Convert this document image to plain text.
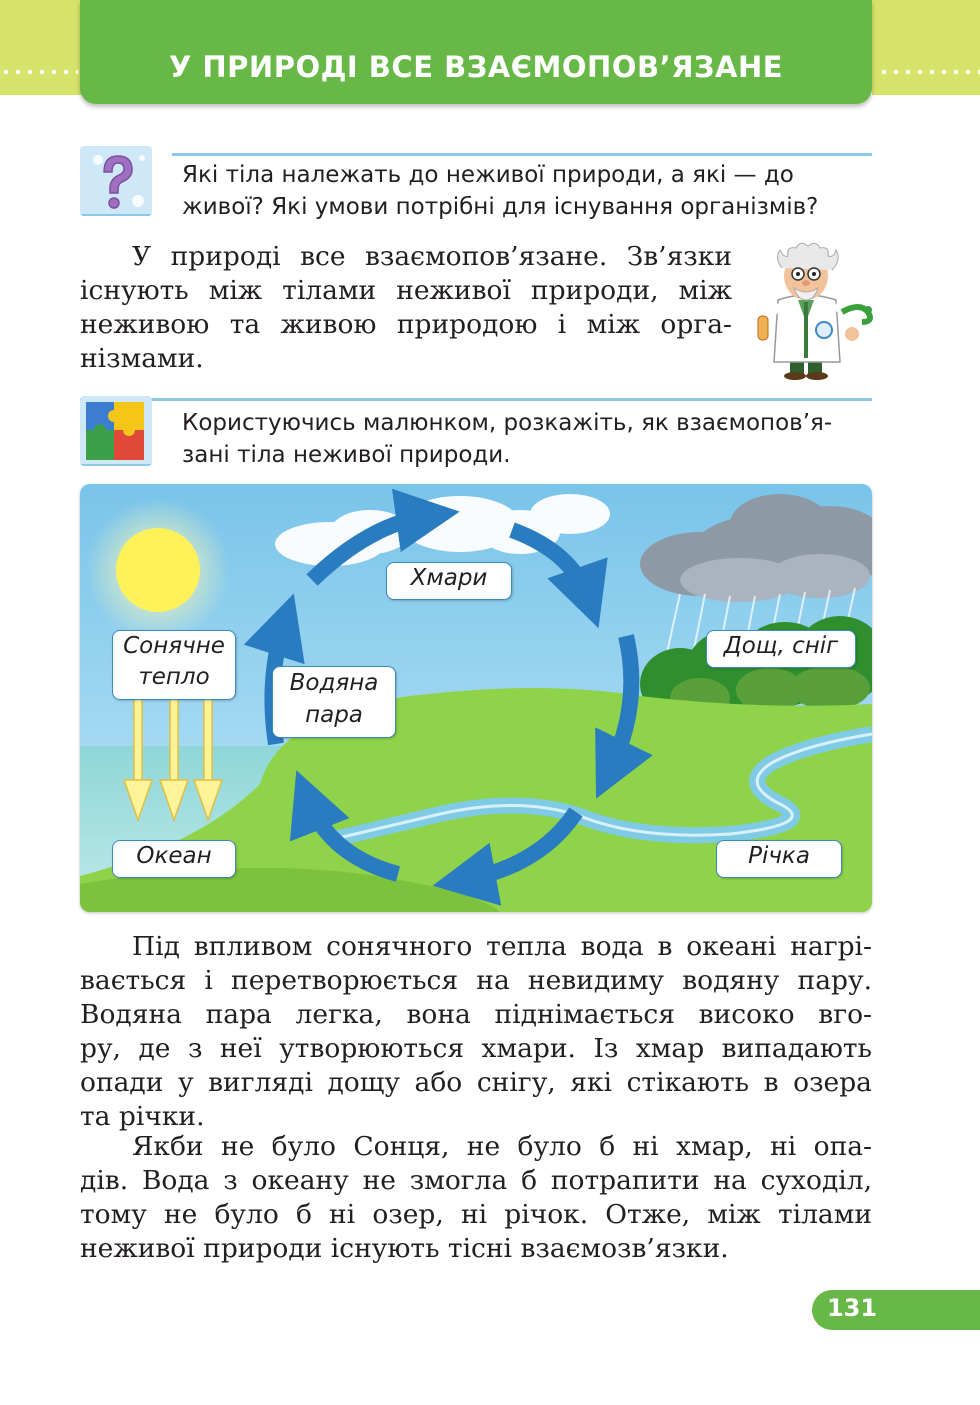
У ПРИРОДІ ВСЕ ВЗАЄМОПОВ’ЯЗАНЕ
Які тіла належать до неживої природи, а які — до
живої? Які умови потрібні для існування організмів?
У природі все взаємопов’язане. Зв’язки
існують між тілами неживої природи, між
неживою та живою природою і між орга-
нізмами.
Користуючись малюнком, розкажіть, як взаємопов’я-
зані тіла неживої природи.
Хмари
Сонячне
тепло	Водяна
пара
Дощ, сніг
Океан	Річка
Під впливом сонячного тепла вода в океані нагрі-
вається і перетворюється на невидиму водяну пару.
Водяна пара легка, вона піднімається високо вго-
ру, де з неї утворюються хмари. Із хмар випадають
опади у вигляді дощу або снігу, які стікають в озера
та річки.
Якби не було Сонця, не було б ні хмар, ні опа-
дів. Вода з океану не змогла б потрапити на суходіл,
тому не було б ні озер, ні річок. Отже, між тілами
неживої природи існують тісні взаємозв’язки.
131
